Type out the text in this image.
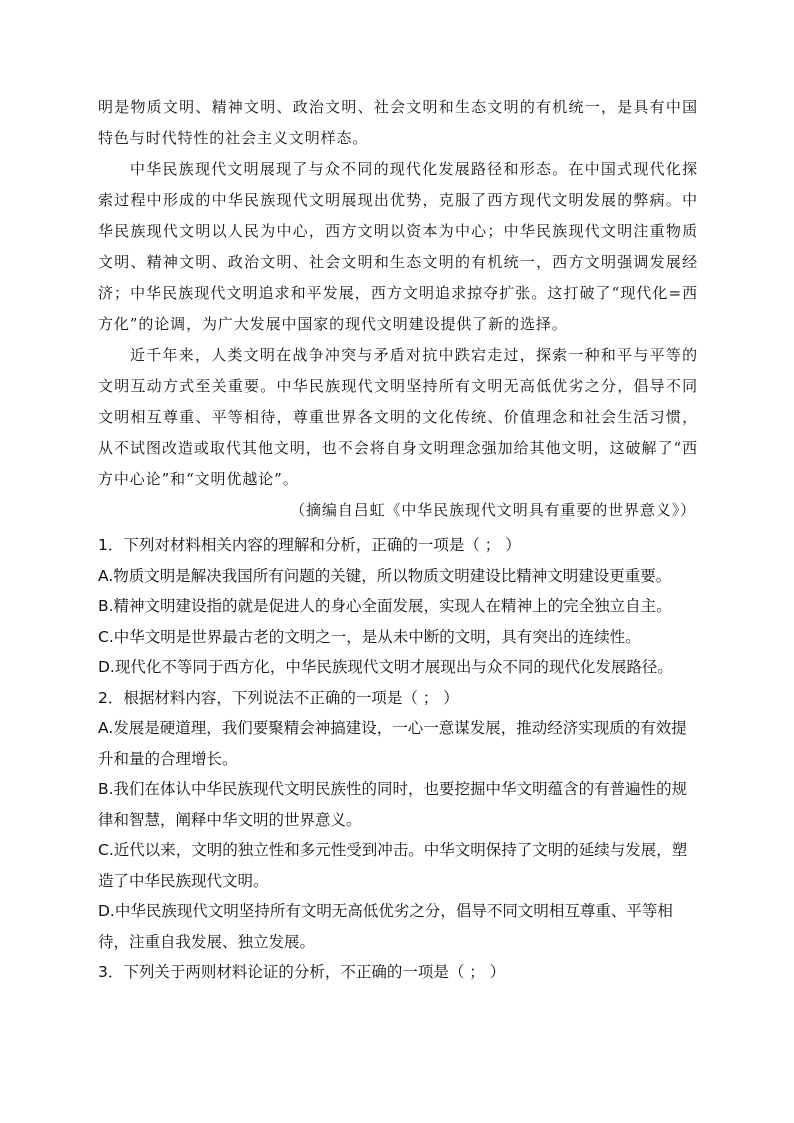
明是物质文明、精神文明、政治文明、社会文明和生态文明的有机统一，是具有中国特色与时代特性的社会主义文明样态。

中华民族现代文明展现了与众不同的现代化发展路径和形态。在中国式现代化探索过程中形成的中华民族现代文明展现出优势，克服了西方现代文明发展的弊病。中华民族现代文明以人民为中心，西方文明以资本为中心；中华民族现代文明注重物质文明、精神文明、政治文明、社会文明和生态文明的有机统一，西方文明强调发展经济；中华民族现代文明追求和平发展，西方文明追求掠夺扩张。这打破了“现代化=西方化”的论调，为广大发展中国家的现代文明建设提供了新的选择。

近千年来，人类文明在战争冲突与矛盾对抗中跌宕走过，探索一种和平与平等的文明互动方式至关重要。中华民族现代文明坚持所有文明无高低优劣之分，倡导不同文明相互尊重、平等相待，尊重世界各文明的文化传统、价值理念和社会生活习惯，从不试图改造或取代其他文明，也不会将自身文明理念强加给其他文明，这破解了“西方中心论”和“文明优越论”。

（摘编自吕虹《中华民族现代文明具有重要的世界意义》）

1．下列对材料相关内容的理解和分析，正确的一项是（ ； ）

A.物质文明是解决我国所有问题的关键，所以物质文明建设比精神文明建设更重要。

B.精神文明建设指的就是促进人的身心全面发展，实现人在精神上的完全独立自主。

C.中华文明是世界最古老的文明之一，是从未中断的文明，具有突出的连续性。

D.现代化不等同于西方化，中华民族现代文明才展现出与众不同的现代化发展路径。

2．根据材料内容，下列说法不正确的一项是（ ； ）

A.发展是硬道理，我们要聚精会神搞建设，一心一意谋发展，推动经济实现质的有效提升和量的合理增长。

B.我们在体认中华民族现代文明民族性的同时，也要挖掘中华文明蕴含的有普遍性的规律和智慧，阐释中华文明的世界意义。

C.近代以来，文明的独立性和多元性受到冲击。中华文明保持了文明的延续与发展，塑造了中华民族现代文明。

D.中华民族现代文明坚持所有文明无高低优劣之分，倡导不同文明相互尊重、平等相待，注重自我发展、独立发展。

3．下列关于两则材料论证的分析，不正确的一项是（ ； ）
